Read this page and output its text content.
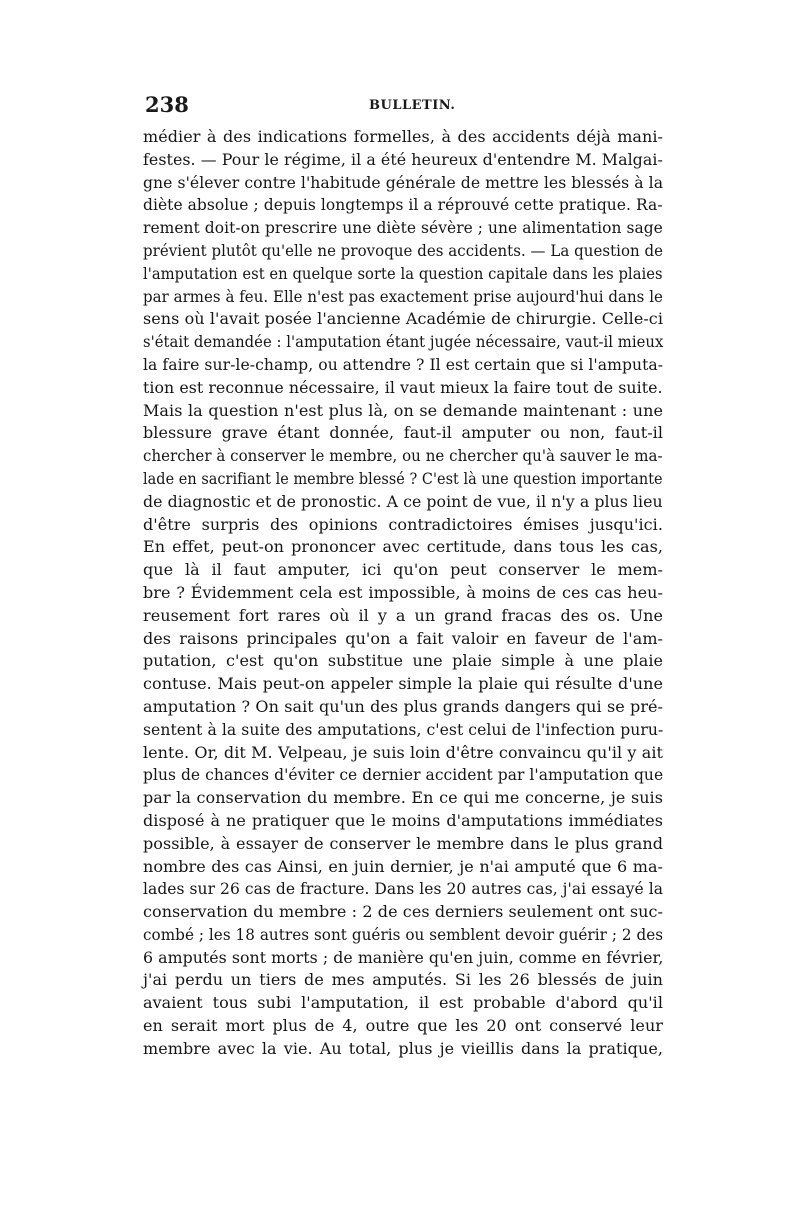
238	BULLETIN.
médier à des indications formelles, à des accidents déjà mani-
festes. — Pour le régime, il a été heureux d'entendre M. Malgai- gne s'élever contre l'habitude générale de mettre les blessés à la diète absolue ; depuis longtemps il a réprouvé cette pratique. Ra- rement doit-on prescrire une diète sévère ; une alimentation sage prévient plutôt qu'elle ne provoque des accidents. — La question de l'amputation est en quelque sorte la question capitale dans les plaies par armes à feu. Elle n'est pas exactement prise aujourd'hui dans le
sens où l'avait posée l'ancienne Académie de chirurgie. Celle-ci
s'était demandée : l'amputation étant jugée nécessaire, vaut-il mieux la faire sur-le-champ, ou attendre ? Il est certain que si l'amputa- tion est reconnue nécessaire, il vaut mieux la faire tout de suite.
Mais la question n'est plus là, on se demande maintenant : une
blessure grave étant donnée, faut-il amputer ou non, faut-il
chercher à conserver le membre, ou ne chercher qu'à sauver le ma- lade en sacrifiant le membre blessé ? C'est là une question importante de diagnostic et de pronostic. A ce point de vue, il n'y a plus lieu
d'être surpris des opinions contradictoires émises jusqu'ici.
En effet, peut-on prononcer avec certitude, dans tous les cas,
que là il faut amputer, ici qu'on peut conserver le mem-
bre ? Évidemment cela est impossible, à moins de ces cas heu-
reusement fort rares où il y a un grand fracas des os. Une
des raisons principales qu'on a fait valoir en faveur de l'am-
putation, c'est qu'on substitue une plaie simple à une plaie
contuse. Mais peut-on appeler simple la plaie qui résulte d'une
amputation ? On sait qu'un des plus grands dangers qui se pré-
sentent à la suite des amputations, c'est celui de l'infection puru-
lente. Or, dit M. Velpeau, je suis loin d'être convaincu qu'il y ait
plus de chances d'éviter ce dernier accident par l'amputation que
par la conservation du membre. En ce qui me concerne, je suis
disposé à ne pratiquer que le moins d'amputations immédiates
possible, à essayer de conserver le membre dans le plus grand
nombre des cas Ainsi, en juin dernier, je n'ai amputé que 6 ma-
lades sur 26 cas de fracture. Dans les 20 autres cas, j'ai essayé la
conservation du membre : 2 de ces derniers seulement ont suc-
combé ; les 18 autres sont guéris ou semblent devoir guérir ; 2 des 6 amputés sont morts ; de manière qu'en juin, comme en février,
j'ai perdu un tiers de mes amputés. Si les 26 blessés de juin
avaient tous subi l'amputation, il est probable d'abord qu'il
en serait mort plus de 4, outre que les 20 ont conservé leur
membre avec la vie. Au total, plus je vieillis dans la pratique,
